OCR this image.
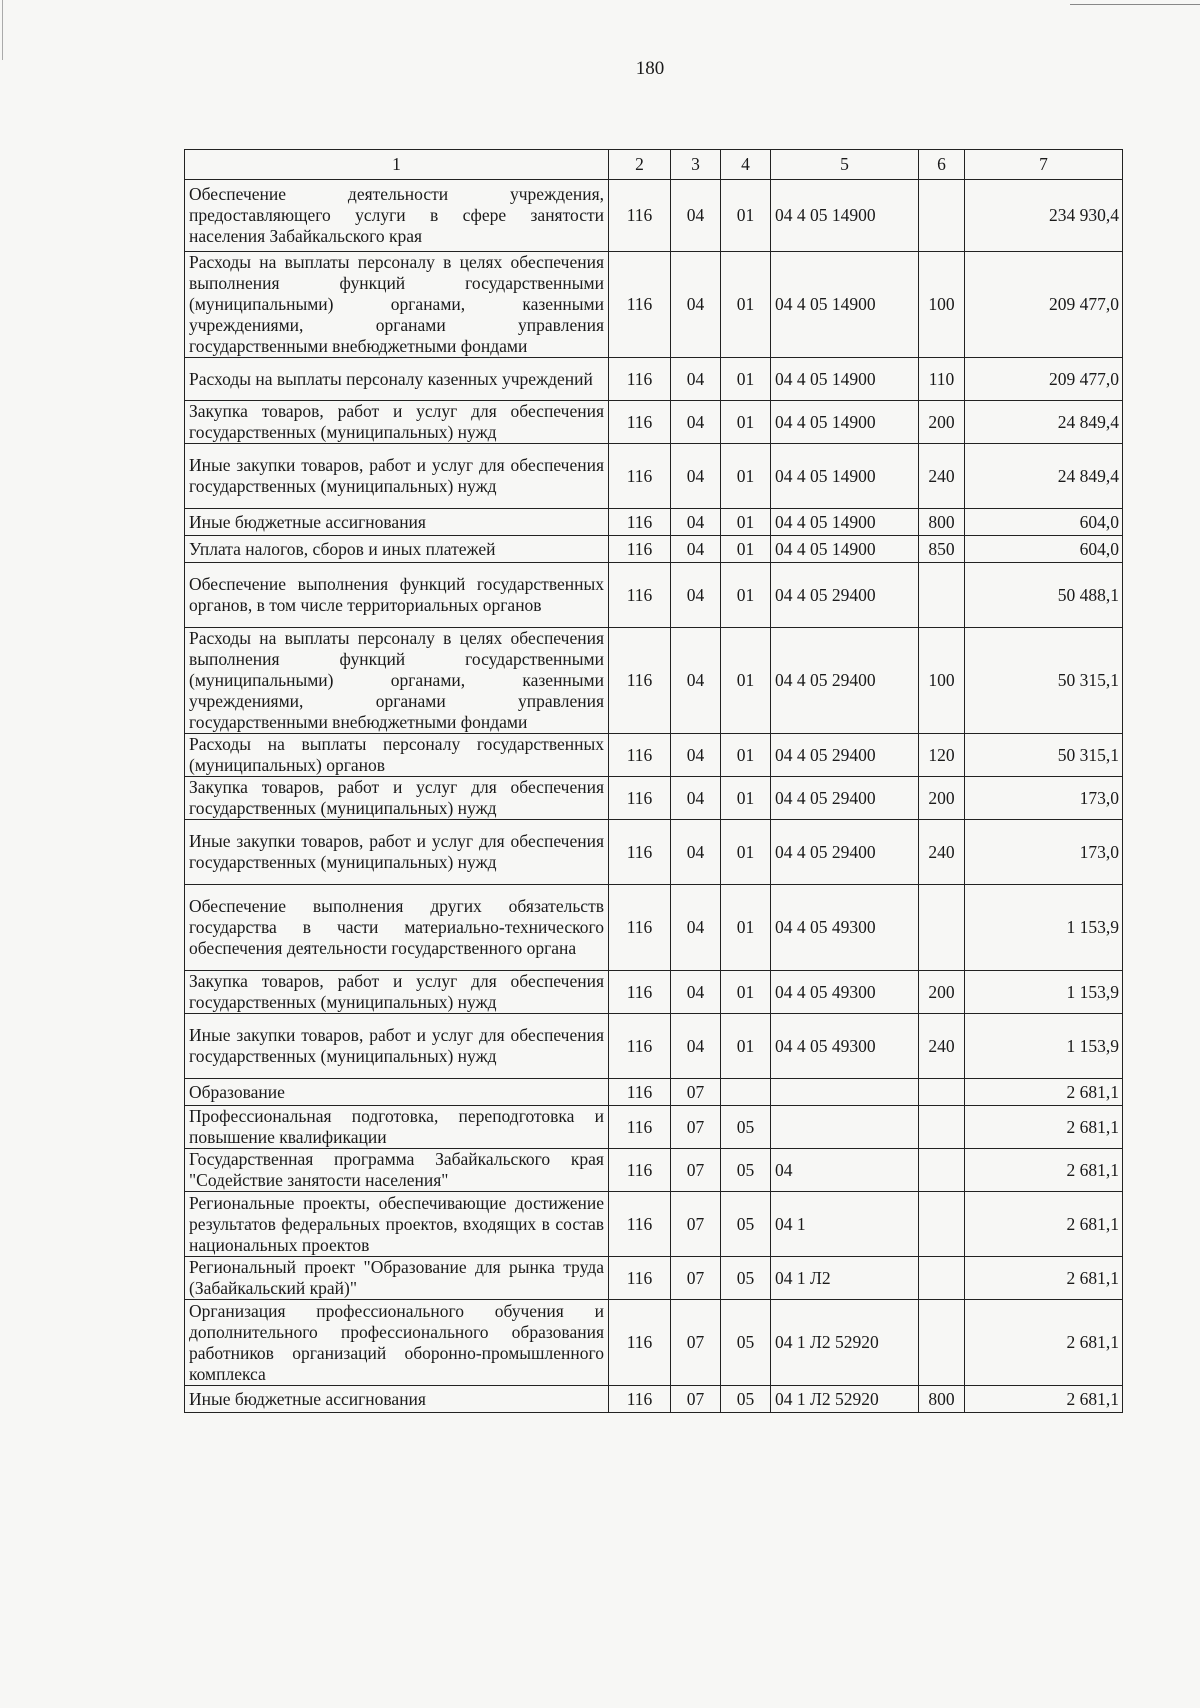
180
1	2	3	4	5	6	7
Обеспечение деятельности учреждения, предоставляющего услуги в сфере занятости населения Забайкальского края	116	04	01	04 4 05 14900		234 930,4
Расходы на выплаты персоналу в целях обеспечения выполнения функций государственными (муниципальными) органами, казенными учреждениями, органами управления государственными внебюджетными фондами	116	04	01	04 4 05 14900	100	209 477,0
Расходы на выплаты персоналу казенных учреждений	116	04	01	04 4 05 14900	110	209 477,0
Закупка товаров, работ и услуг для обеспечения государственных (муниципальных) нужд	116	04	01	04 4 05 14900	200	24 849,4
Иные закупки товаров, работ и услуг для обеспечения государственных (муниципальных) нужд	116	04	01	04 4 05 14900	240	24 849,4
Иные бюджетные ассигнования	116	04	01	04 4 05 14900	800	604,0
Уплата налогов, сборов и иных платежей	116	04	01	04 4 05 14900	850	604,0
Обеспечение выполнения функций государственных органов, в том числе территориальных органов	116	04	01	04 4 05 29400		50 488,1
Расходы на выплаты персоналу в целях обеспечения выполнения функций государственными (муниципальными) органами, казенными учреждениями, органами управления государственными внебюджетными фондами	116	04	01	04 4 05 29400	100	50 315,1
Расходы на выплаты персоналу государственных (муниципальных) органов	116	04	01	04 4 05 29400	120	50 315,1
Закупка товаров, работ и услуг для обеспечения государственных (муниципальных) нужд	116	04	01	04 4 05 29400	200	173,0
Иные закупки товаров, работ и услуг для обеспечения государственных (муниципальных) нужд	116	04	01	04 4 05 29400	240	173,0
Обеспечение выполнения других обязательств государства в части материально-технического обеспечения деятельности государственного органа	116	04	01	04 4 05 49300		1 153,9
Закупка товаров, работ и услуг для обеспечения государственных (муниципальных) нужд	116	04	01	04 4 05 49300	200	1 153,9
Иные закупки товаров, работ и услуг для обеспечения государственных (муниципальных) нужд	116	04	01	04 4 05 49300	240	1 153,9
Образование	116	07				2 681,1
Профессиональная подготовка, переподготовка и повышение квалификации	116	07	05			2 681,1
Государственная программа Забайкальского края "Содействие занятости населения"	116	07	05	04		2 681,1
Региональные проекты, обеспечивающие достижение результатов федеральных проектов, входящих в состав национальных проектов	116	07	05	04 1		2 681,1
Региональный проект "Образование для рынка труда (Забайкальский край)"	116	07	05	04 1 Л2		2 681,1
Организация профессионального обучения и дополнительного профессионального образования работников организаций оборонно-промышленного комплекса	116	07	05	04 1 Л2 52920		2 681,1
Иные бюджетные ассигнования	116	07	05	04 1 Л2 52920	800	2 681,1
